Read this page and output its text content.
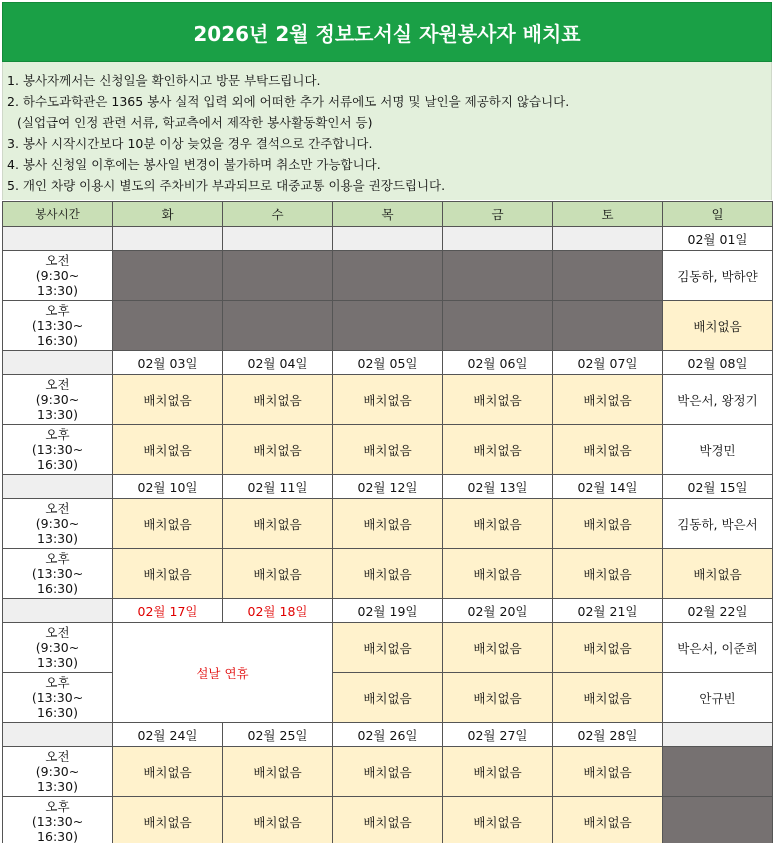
2026년 2월 정보도서실 자원봉사자 배치표
1. 봉사자께서는 신청일을 확인하시고 방문 부탁드립니다.
2. 하수도과학관은 1365 봉사 실적 입력 외에 어떠한 추가 서류에도 서명 및 날인을 제공하지 않습니다.
(실업급여 인정 관련 서류, 학교측에서 제작한 봉사활동확인서 등)
3. 봉사 시작시간보다 10분 이상 늦었을 경우 결석으로 간주합니다.
4. 봉사 신청일 이후에는 봉사일 변경이 불가하며 취소만 가능합니다.
5. 개인 차량 이용시 별도의 주차비가 부과되므로 대중교통 이용을 권장드립니다.
봉사시간	화	수	목	금	토	일
						02월 01일

오전
(9:30~
13:30)						김동하, 박하얀

오후
(13:30~
16:30)						배치없음
	02월 03일	02월 04일	02월 05일	02월 06일	02월 07일	02월 08일

오전
(9:30~
13:30)	배치없음	배치없음	배치없음	배치없음	배치없음	박은서, 왕정기

오후
(13:30~
16:30)	배치없음	배치없음	배치없음	배치없음	배치없음	박경민
	02월 10일	02월 11일	02월 12일	02월 13일	02월 14일	02월 15일

오전
(9:30~
13:30)	배치없음	배치없음	배치없음	배치없음	배치없음	김동하, 박은서

오후
(13:30~
16:30)	배치없음	배치없음	배치없음	배치없음	배치없음	배치없음
	02월 17일	02월 18일	02월 19일	02월 20일	02월 21일	02월 22일

오전
(9:30~
13:30)	설날 연휴		배치없음	배치없음	배치없음	박은서, 이준희

오후
(13:30~
16:30)			배치없음	배치없음	배치없음	안규빈
	02월 24일	02월 25일	02월 26일	02월 27일	02월 28일	

오전
(9:30~
13:30)	배치없음	배치없음	배치없음	배치없음	배치없음	

오후
(13:30~
16:30)	배치없음	배치없음	배치없음	배치없음	배치없음	
